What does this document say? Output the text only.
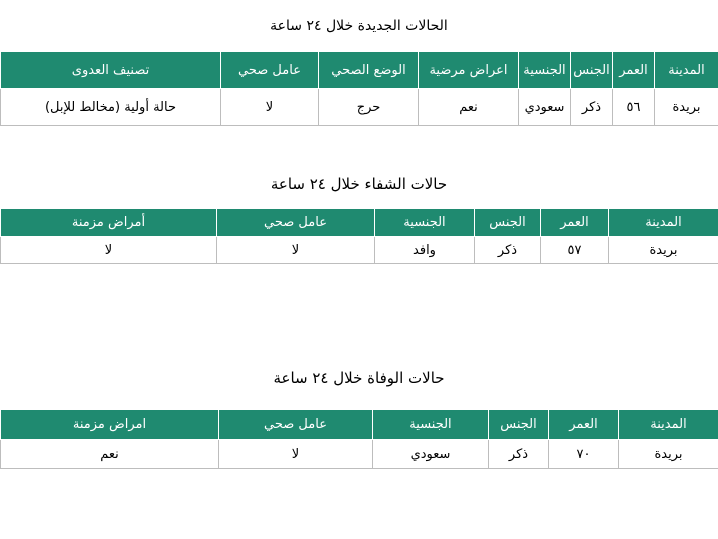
الحالات الجديدة خلال ٢٤ ساعة
المدينة	العمر	الجنس	الجنسية	اعراض مرضية	الوضع الصحي	عامل صحي	تصنيف العدوى
بريدة	٥٦	ذكر	سعودي	نعم	حرج	لا	حالة أولية (مخالط للإبل)
حالات الشفاء خلال ٢٤ ساعة
المدينة	العمر	الجنس	الجنسية	عامل صحي	أمراض مزمنة
بريدة	٥٧	ذكر	وافد	لا	لا
حالات الوفاة خلال ٢٤ ساعة
المدينة	العمر	الجنس	الجنسية	عامل صحي	امراض مزمنة
بريدة	٧٠	ذكر	سعودي	لا	نعم
